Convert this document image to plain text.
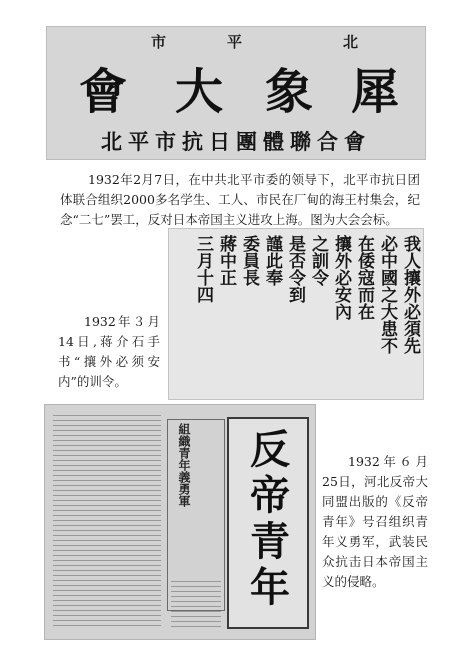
北
平
市
犀
象
大
會
北平市抗日團體聯合會

1932年2月7日，在中共北平市委的领导下，北平市抗日团体联合组织2000多名学生、工人、市民在厂甸的海王村集会，纪念“二七”罢工，反对日本帝国主义进攻上海。图为大会会标。

我人攘外必須先
必中國之大患不
在倭寇而在
攘外必安內
之訓令
是否令到
謹此奉
委員長
蔣中正
三月十四

1932年３月14日,蒋介石手书“攘外必须安内”的训令。

組織青年義勇軍	反帝青年

1932年６月25日，河北反帝大同盟出版的《反帝青年》号召组织青年义勇军，武装民众抗击日本帝国主义的侵略。
